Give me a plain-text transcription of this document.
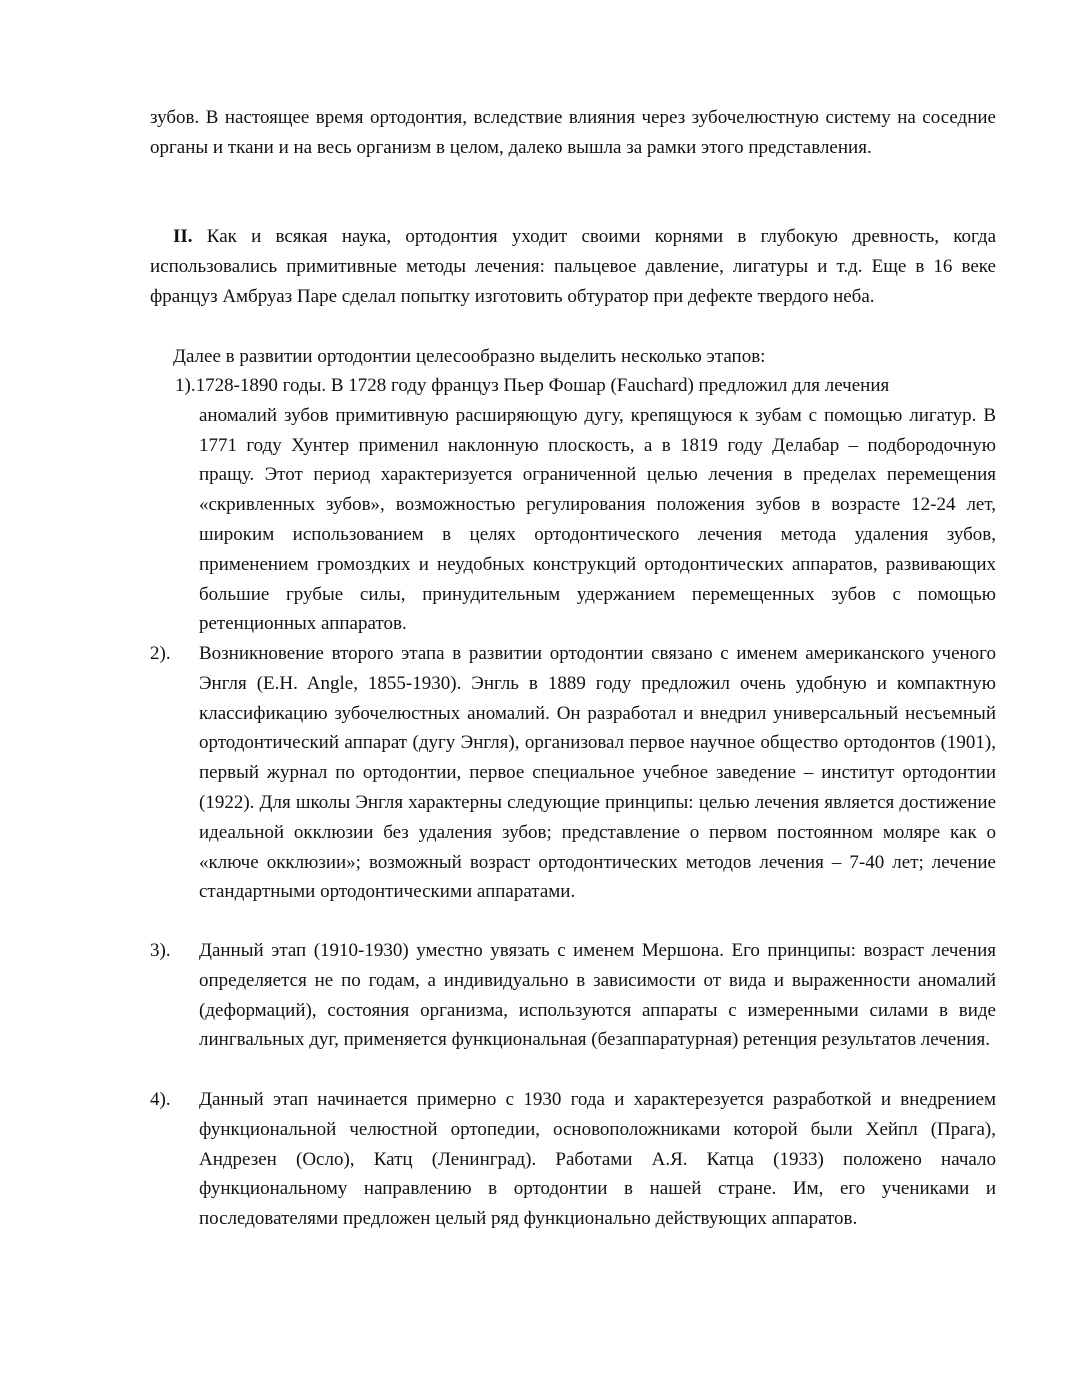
зубов. В настоящее время ортодонтия, вследствие влияния через зубочелюстную систему на соседние органы и ткани и на весь организм в целом, далеко вышла за рамки этого представления.

II. Как и всякая наука, ортодонтия уходит своими корнями в глубокую древность, когда использовались примитивные методы лечения: пальцевое давление, лигатуры и т.д. Еще в 16 веке француз Амбруаз Паре сделал попытку изготовить обтуратор при дефекте твердого неба.

Далее в развитии ортодонтии целесообразно выделить несколько этапов:

1).1728-1890 годы. В 1728 году француз Пьер Фошар (Fauchard) предложил для лечения
аномалий зубов примитивную расширяющую дугу, крепящуюся к зубам с помощью лигатур. В 1771 году Хунтер применил наклонную плоскость, а в 1819 году Делабар – подбородочную пращу. Этот период характеризуется ограниченной целью лечения в пределах перемещения «скривленных зубов», возможностью регулирования положения зубов в возрасте 12-24 лет, широким использованием в целях ортодонтического лечения метода удаления зубов, применением громоздких и неудобных конструкций ортодонтических аппаратов, развивающих большие грубые силы, принудительным удержанием перемещенных зубов с помощью ретенционных аппаратов.

2). Возникновение второго этапа в развитии ортодонтии связано с именем американского ученого Энгля (E.H. Angle, 1855-1930). Энгль в 1889 году предложил очень удобную и компактную классификацию зубочелюстных аномалий. Он разработал и внедрил универсальный несъемный ортодонтический аппарат (дугу Энгля), организовал первое научное общество ортодонтов (1901), первый журнал по ортодонтии, первое специальное учебное заведение – институт ортодонтии (1922). Для школы Энгля характерны следующие принципы: целью лечения является достижение идеальной окклюзии без удаления зубов; представление о первом постоянном моляре как о «ключе окклюзии»; возможный возраст ортодонтических методов лечения – 7-40 лет; лечение стандартными ортодонтическими аппаратами.

3). Данный этап (1910-1930) уместно увязать с именем Мершона. Его принципы: возраст лечения определяется не по годам, а индивидуально в зависимости от вида и выраженности аномалий (деформаций), состояния организма, используются аппараты с измеренными силами в виде лингвальных дуг, применяется функциональная (безаппаратурная) ретенция результатов лечения.

4). Данный этап начинается примерно с 1930 года и характерезуется разработкой и внедрением функциональной челюстной ортопедии, основоположниками которой были Хейпл (Прага), Андрезен (Осло), Катц (Ленинград). Работами А.Я. Катца (1933) положено начало функциональному направлению в ортодонтии в нашей стране. Им, его учениками и последователями предложен целый ряд функционально действующих аппаратов.
